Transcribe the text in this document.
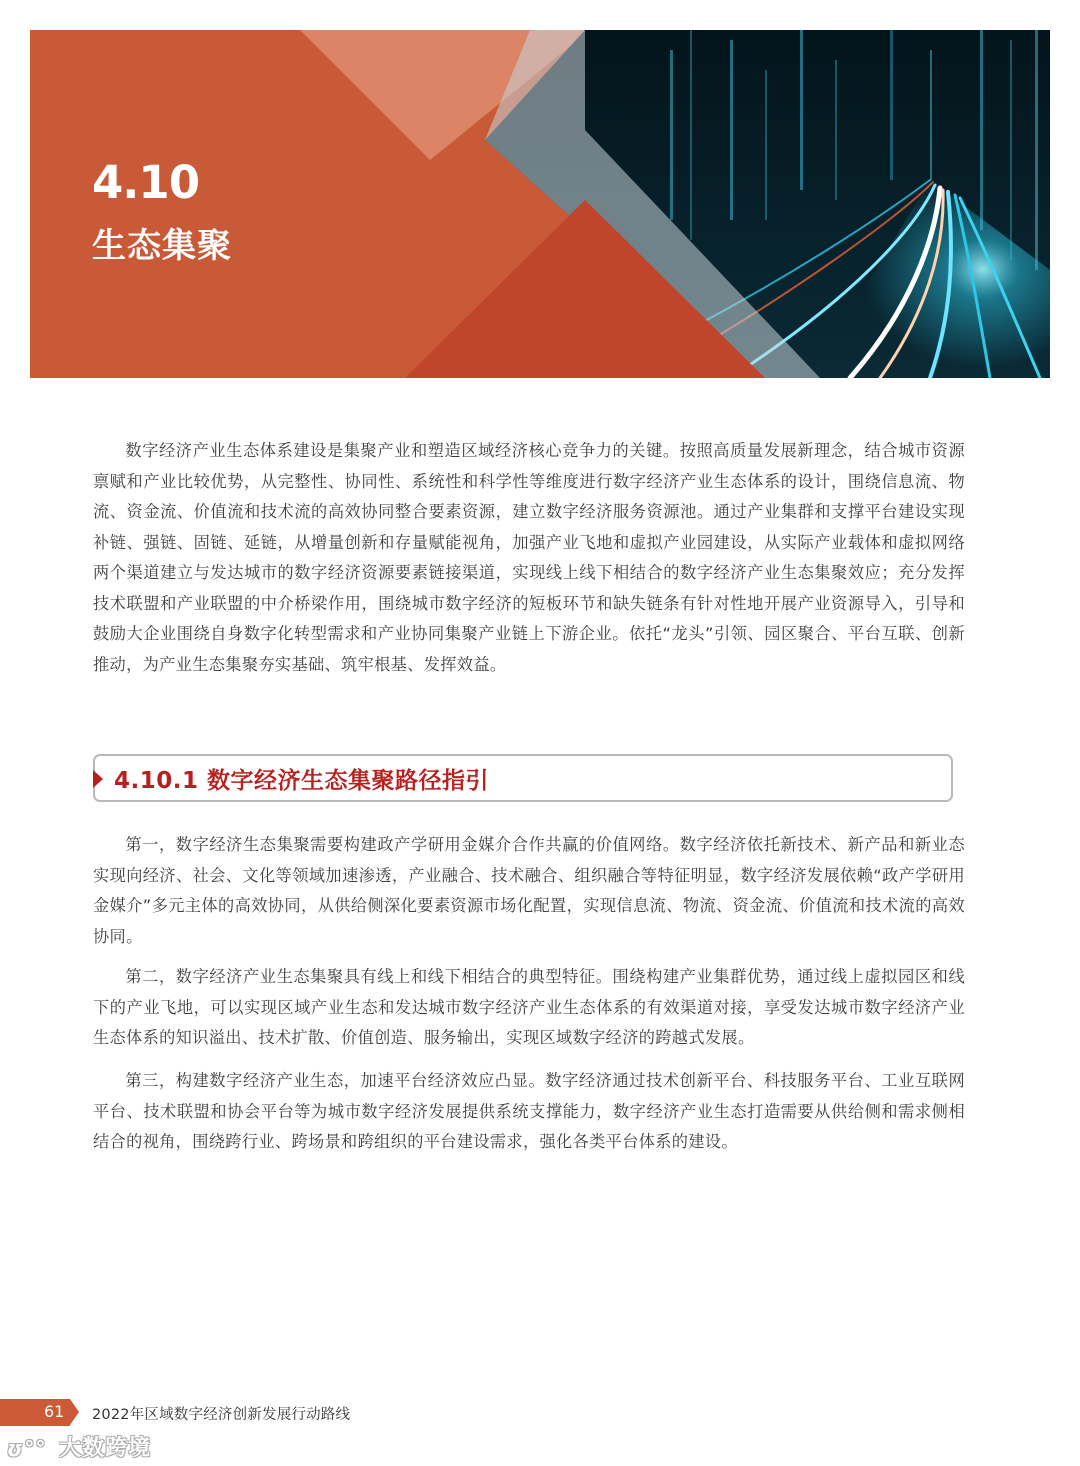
4.10
生态集聚

数字经济产业生态体系建设是集聚产业和塑造区域经济核心竞争力的关键。按照高质量发展新理念，结合城市资源禀赋和产业比较优势，从完整性、协同性、系统性和科学性等维度进行数字经济产业生态体系的设计，围绕信息流、物流、资金流、价值流和技术流的高效协同整合要素资源，建立数字经济服务资源池。通过产业集群和支撑平台建设实现补链、强链、固链、延链，从增量创新和存量赋能视角，加强产业飞地和虚拟产业园建设，从实际产业载体和虚拟网络两个渠道建立与发达城市的数字经济资源要素链接渠道，实现线上线下相结合的数字经济产业生态集聚效应；充分发挥技术联盟和产业联盟的中介桥梁作用，围绕城市数字经济的短板环节和缺失链条有针对性地开展产业资源导入，引导和鼓励大企业围绕自身数字化转型需求和产业协同集聚产业链上下游企业。依托“龙头”引领、园区聚合、平台互联、创新推动，为产业生态集聚夯实基础、筑牢根基、发挥效益。

4.10.1 数字经济生态集聚路径指引

第一，数字经济生态集聚需要构建政产学研用金媒介合作共赢的价值网络。数字经济依托新技术、新产品和新业态实现向经济、社会、文化等领域加速渗透，产业融合、技术融合、组织融合等特征明显，数字经济发展依赖“政产学研用金媒介”多元主体的高效协同，从供给侧深化要素资源市场化配置，实现信息流、物流、资金流、价值流和技术流的高效协同。

第二，数字经济产业生态集聚具有线上和线下相结合的典型特征。围绕构建产业集群优势，通过线上虚拟园区和线下的产业飞地，可以实现区域产业生态和发达城市数字经济产业生态体系的有效渠道对接，享受发达城市数字经济产业生态体系的知识溢出、技术扩散、价值创造、服务输出，实现区域数字经济的跨越式发展。

第三，构建数字经济产业生态，加速平台经济效应凸显。数字经济通过技术创新平台、科技服务平台、工业互联网平台、技术联盟和协会平台等为城市数字经济发展提供系统支撑能力，数字经济产业生态打造需要从供给侧和需求侧相结合的视角，围绕跨行业、跨场景和跨组织的平台建设需求，强化各类平台体系的建设。

61 2022年区域数字经济创新发展行动路线
ʊ°° 大数跨境
